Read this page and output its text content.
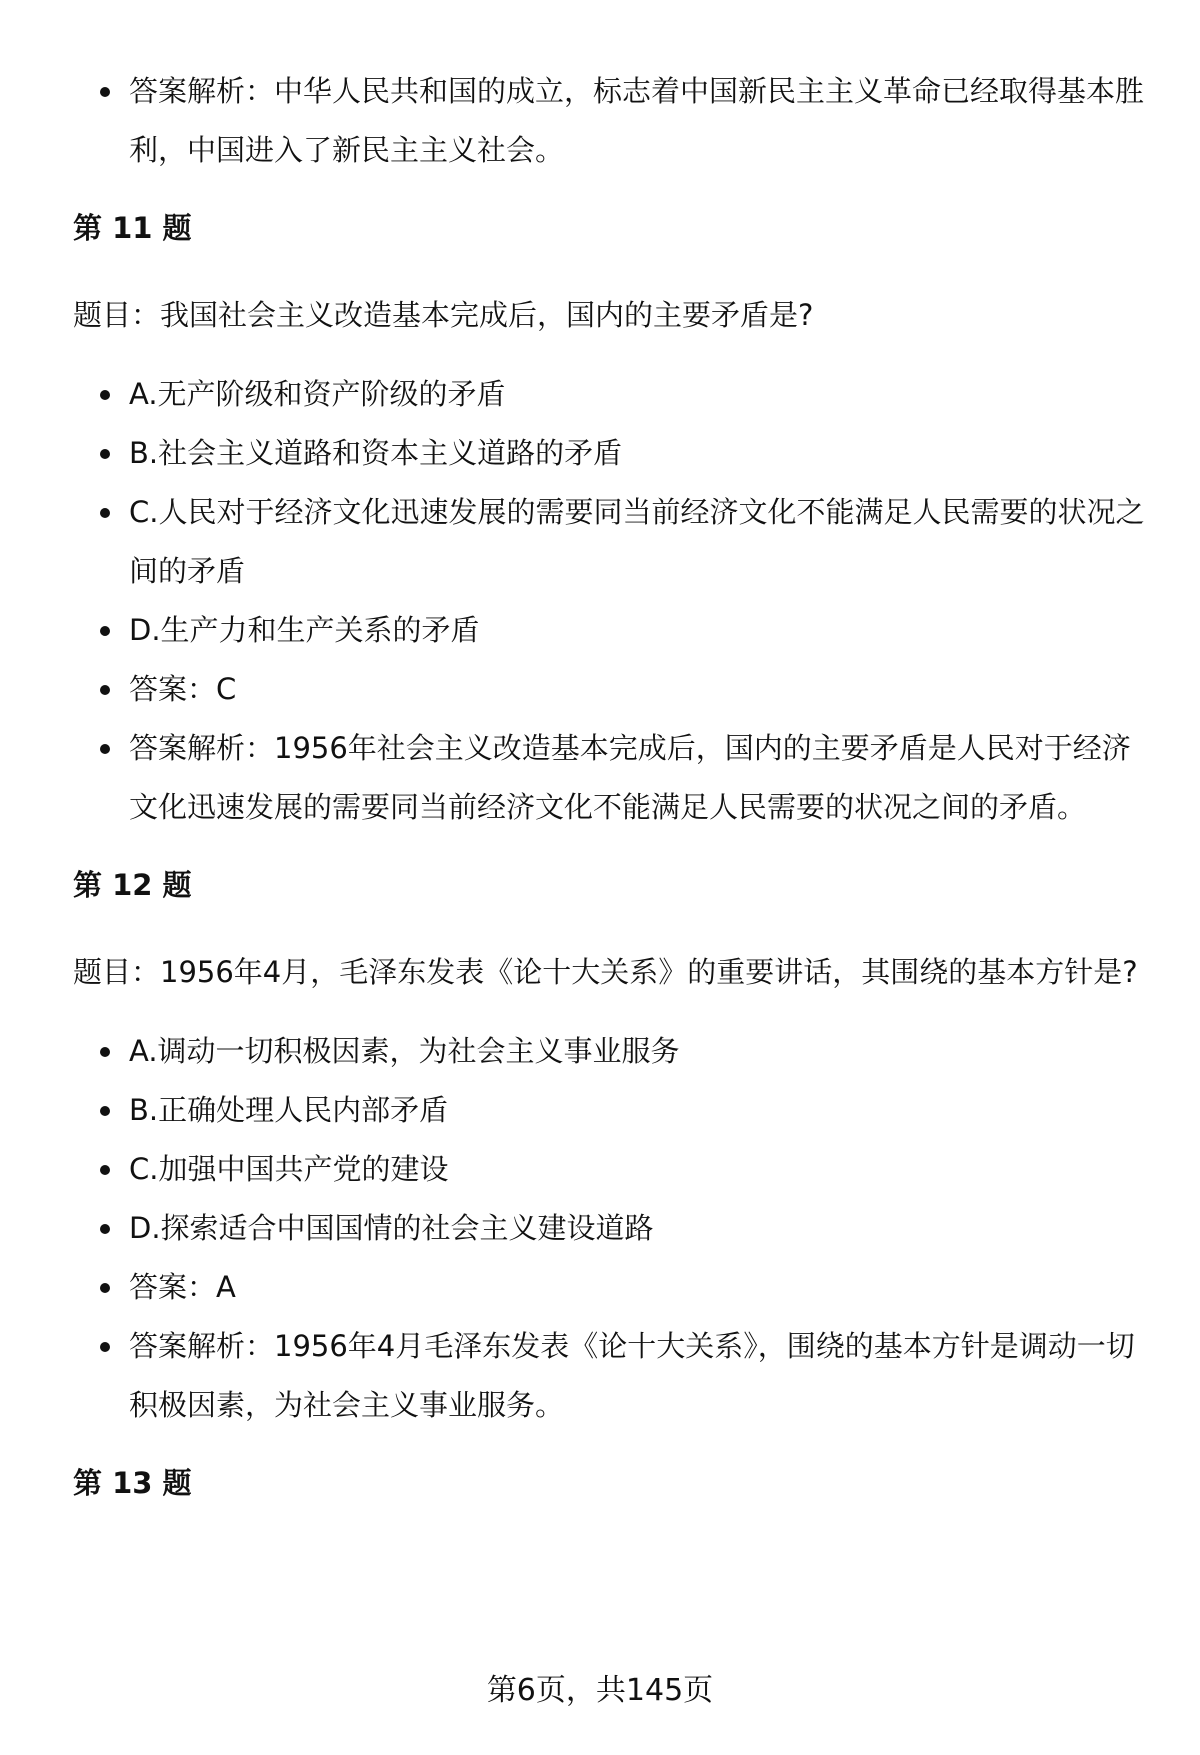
答案解析：中华人民共和国的成立，标志着中国新民主主义革命已经取得基本胜利，中国进入了新民主主义社会。

第 11 题

题目：我国社会主义改造基本完成后，国内的主要矛盾是?

A.无产阶级和资产阶级的矛盾
B.社会主义道路和资本主义道路的矛盾
C.人民对于经济文化迅速发展的需要同当前经济文化不能满足人民需要的状况之间的矛盾
D.生产力和生产关系的矛盾
答案：C
答案解析：1956年社会主义改造基本完成后，国内的主要矛盾是人民对于经济文化迅速发展的需要同当前经济文化不能满足人民需要的状况之间的矛盾。

第 12 题

题目：1956年4月，毛泽东发表《论十大关系》的重要讲话，其围绕的基本方针是?

A.调动一切积极因素，为社会主义事业服务
B.正确处理人民内部矛盾
C.加强中国共产党的建设
D.探索适合中国国情的社会主义建设道路
答案：A
答案解析：1956年4月毛泽东发表《论十大关系》，围绕的基本方针是调动一切积极因素，为社会主义事业服务。

第 13 题

第6页，共145页
